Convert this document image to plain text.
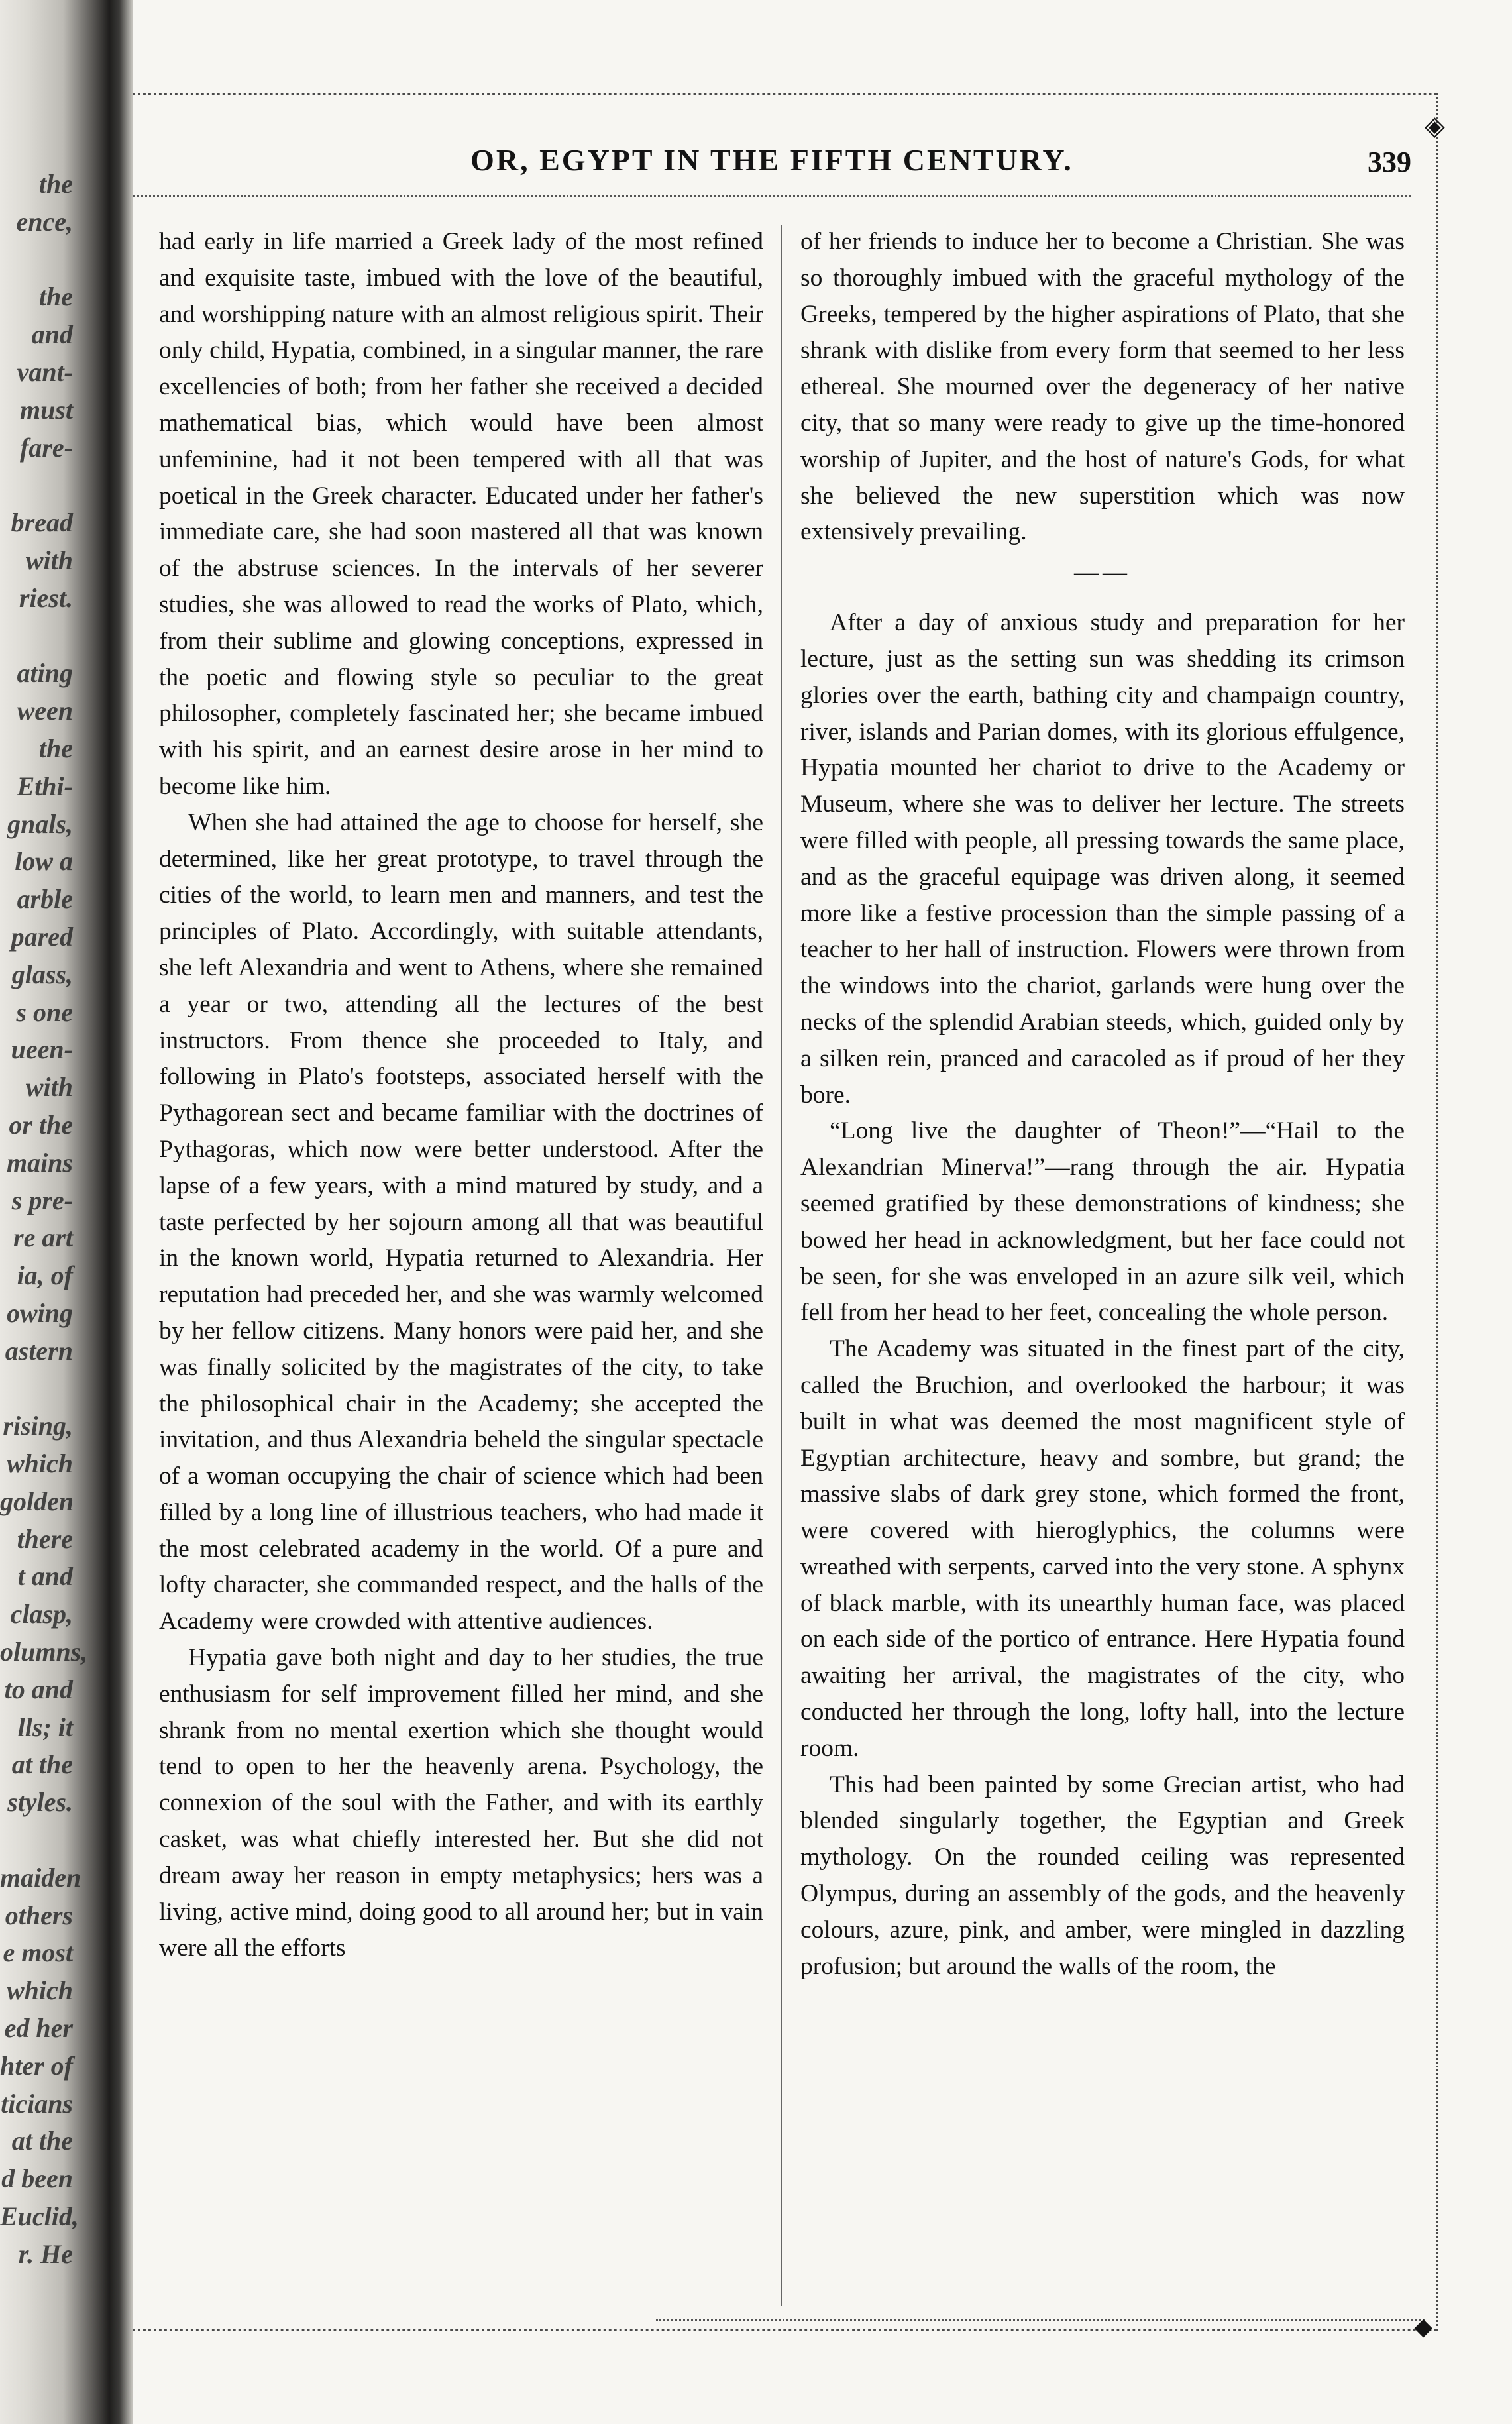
the
ence,
the
and
vant-
must
fare-
bread
with
riest.
ating
ween
the
Ethi-
gnals,
low a
arble
pared
glass,
s one
ueen-
with
or the
mains
s pre-
re art
ia, of
owing
astern
rising,
which
golden
there
t and
clasp,
olumns,
to and
lls; it
at the
styles.
maiden
others
e most
which
ed her
hter of
ticians
at the
d been
Euclid,
r. He
◈
OR, EGYPT IN THE FIFTH CENTURY.	339

had early in life married a Greek lady of the most refined and exquisite taste, imbued with the love of the beautiful, and worshipping nature with an almost religious spirit. Their only child, Hypatia, combined, in a singular manner, the rare excellencies of both; from her father she received a decided mathematical bias, which would have been almost unfeminine, had it not been tempered with all that was poetical in the Greek character. Educated under her father's immediate care, she had soon mastered all that was known of the abstruse sciences. In the intervals of her severer studies, she was allowed to read the works of Plato, which, from their sublime and glowing conceptions, expressed in the poetic and flowing style so peculiar to the great philosopher, completely fascinated her; she became imbued with his spirit, and an earnest desire arose in her mind to become like him.

When she had attained the age to choose for herself, she determined, like her great prototype, to travel through the cities of the world, to learn men and manners, and test the principles of Plato. Accordingly, with suitable attendants, she left Alexandria and went to Athens, where she remained a year or two, attending all the lectures of the best instructors. From thence she proceeded to Italy, and following in Plato's footsteps, associated herself with the Pythagorean sect and became familiar with the doctrines of Pythagoras, which now were better understood. After the lapse of a few years, with a mind matured by study, and a taste perfected by her sojourn among all that was beautiful in the known world, Hypatia returned to Alexandria. Her reputation had preceded her, and she was warmly welcomed by her fellow citizens. Many honors were paid her, and she was finally solicited by the magistrates of the city, to take the philosophical chair in the Academy; she accepted the invitation, and thus Alexandria beheld the singular spectacle of a woman occupying the chair of science which had been filled by a long line of illustrious teachers, who had made it the most celebrated academy in the world. Of a pure and lofty character, she commanded respect, and the halls of the Academy were crowded with attentive audiences.

Hypatia gave both night and day to her studies, the true enthusiasm for self improvement filled her mind, and she shrank from no mental exertion which she thought would tend to open to her the heavenly arena. Psychology, the connexion of the soul with the Father, and with its earthly casket, was what chiefly interested her. But she did not dream away her reason in empty metaphysics; hers was a living, active mind, doing good to all around her; but in vain were all the efforts

of her friends to induce her to become a Christian. She was so thoroughly imbued with the graceful mythology of the Greeks, tempered by the higher aspirations of Plato, that she shrank with dislike from every form that seemed to her less ethereal. She mourned over the degeneracy of her native city, that so many were ready to give up the time-honored worship of Jupiter, and the host of nature's Gods, for what she believed the new superstition which was now extensively prevailing.

——

After a day of anxious study and preparation for her lecture, just as the setting sun was shedding its crimson glories over the earth, bathing city and champaign country, river, islands and Parian domes, with its glorious effulgence, Hypatia mounted her chariot to drive to the Academy or Museum, where she was to deliver her lecture. The streets were filled with people, all pressing towards the same place, and as the graceful equipage was driven along, it seemed more like a festive procession than the simple passing of a teacher to her hall of instruction. Flowers were thrown from the windows into the chariot, garlands were hung over the necks of the splendid Arabian steeds, which, guided only by a silken rein, pranced and caracoled as if proud of her they bore.

“Long live the daughter of Theon!”—“Hail to the Alexandrian Minerva!”—rang through the air. Hypatia seemed gratified by these demonstrations of kindness; she bowed her head in acknowledgment, but her face could not be seen, for she was enveloped in an azure silk veil, which fell from her head to her feet, concealing the whole person.

The Academy was situated in the finest part of the city, called the Bruchion, and overlooked the harbour; it was built in what was deemed the most magnificent style of Egyptian architecture, heavy and sombre, but grand; the massive slabs of dark grey stone, which formed the front, were covered with hieroglyphics, the columns were wreathed with serpents, carved into the very stone. A sphynx of black marble, with its unearthly human face, was placed on each side of the portico of entrance. Here Hypatia found awaiting her arrival, the magistrates of the city, who conducted her through the long, lofty hall, into the lecture room.

This had been painted by some Grecian artist, who had blended singularly together, the Egyptian and Greek mythology. On the rounded ceiling was represented Olympus, during an assembly of the gods, and the heavenly colours, azure, pink, and amber, were mingled in dazzling profusion; but around the walls of the room, the

◆
